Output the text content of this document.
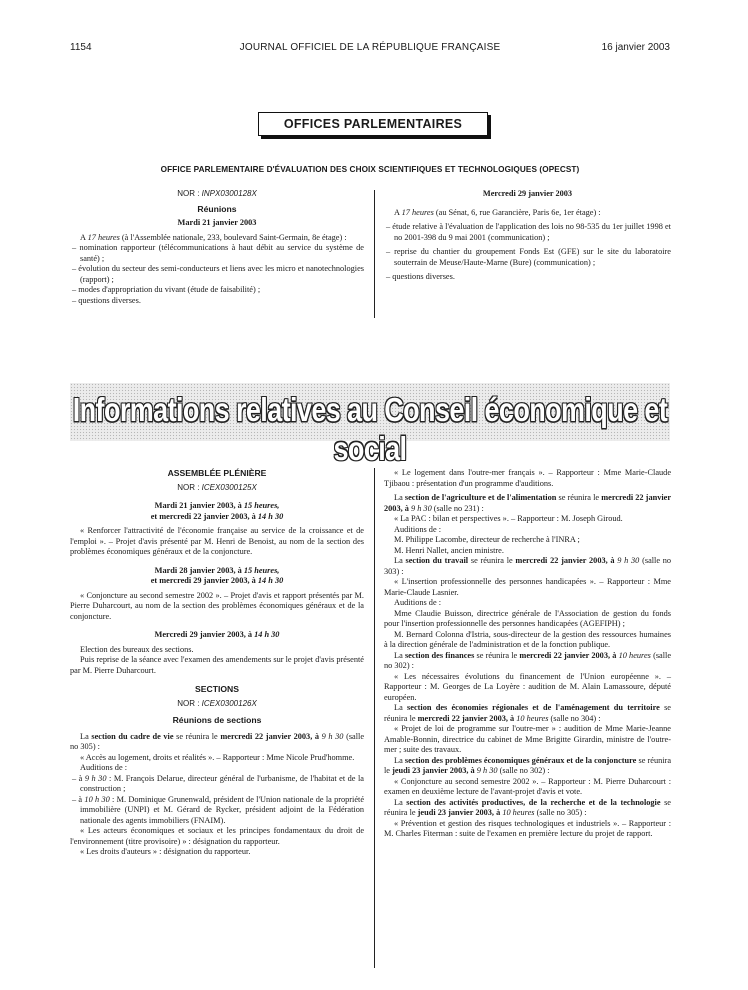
1154	JOURNAL OFFICIEL DE LA RÉPUBLIQUE FRANÇAISE	16 janvier 2003
OFFICES PARLEMENTAIRES
OFFICE PARLEMENTAIRE D'ÉVALUATION DES CHOIX SCIENTIFIQUES ET TECHNOLOGIQUES (OPECST)

NOR : INPX0300128X

Réunions

Mardi 21 janvier 2003

A 17 heures (à l'Assemblée nationale, 233, boulevard Saint-Germain, 8e étage) :

– nomination rapporteur (télécommunications à haut débit au service du système de santé) ;

– évolution du secteur des semi-conducteurs et liens avec les micro et nanotechnologies (rapport) ;

– modes d'appropriation du vivant (étude de faisabilité) ;

– questions diverses.

Mercredi 29 janvier 2003

A 17 heures (au Sénat, 6, rue Garancière, Paris 6e, 1er étage) :

– étude relative à l'évaluation de l'application des lois no 98-535 du 1er juillet 1998 et no 2001-398 du 9 mai 2001 (communication) ;

– reprise du chantier du groupement Fonds Est (GFE) sur le site du laboratoire souterrain de Meuse/Haute-Marne (Bure) (communication) ;

– questions diverses.

Informations relatives au Conseil économique et social

ASSEMBLÉE PLÉNIÈRE

NOR : ICEX0300125X

Mardi 21 janvier 2003, à 15 heures,

et mercredi 22 janvier 2003, à 14 h 30

« Renforcer l'attractivité de l'économie française au service de la croissance et de l'emploi ». – Projet d'avis présenté par M. Henri de Benoist, au nom de la section des problèmes économiques généraux et de la conjoncture.

Mardi 28 janvier 2003, à 15 heures,

et mercredi 29 janvier 2003, à 14 h 30

« Conjoncture au second semestre 2002 ». – Projet d'avis et rapport présentés par M. Pierre Duharcourt, au nom de la section des problèmes économiques généraux et de la conjoncture.

Mercredi 29 janvier 2003, à 14 h 30

Election des bureaux des sections.

Puis reprise de la séance avec l'examen des amendements sur le projet d'avis présenté par M. Pierre Duharcourt.

SECTIONS

NOR : ICEX0300126X

Réunions de sections

La section du cadre de vie se réunira le mercredi 22 janvier 2003, à 9 h 30 (salle no 305) :

« Accès au logement, droits et réalités ». – Rapporteur : Mme Nicole Prud'homme.

Auditions de :

– à 9 h 30 : M. François Delarue, directeur général de l'urbanisme, de l'habitat et de la construction ;

– à 10 h 30 : M. Dominique Grunenwald, président de l'Union nationale de la propriété immobilière (UNPI) et M. Gérard de Rycker, président adjoint de la Fédération nationale des agents immobiliers (FNAIM).

« Les acteurs économiques et sociaux et les principes fondamentaux du droit de l'environnement (titre provisoire) » : désignation du rapporteur.

« Les droits d'auteurs » : désignation du rapporteur.

« Le logement dans l'outre-mer français ». – Rapporteur : Mme Marie-Claude Tjibaou : présentation d'un programme d'auditions.

La section de l'agriculture et de l'alimentation se réunira le mercredi 22 janvier 2003, à 9 h 30 (salle no 231) :

« La PAC : bilan et perspectives ». – Rapporteur : M. Joseph Giroud.

Auditions de :

M. Philippe Lacombe, directeur de recherche à l'INRA ;

M. Henri Nallet, ancien ministre.

La section du travail se réunira le mercredi 22 janvier 2003, à 9 h 30 (salle no 303) :

« L'insertion professionnelle des personnes handicapées ». – Rapporteur : Mme Marie-Claude Lasnier.

Auditions de :

Mme Claudie Buisson, directrice générale de l'Association de gestion du fonds pour l'insertion professionnelle des personnes handicapées (AGEFIPH) ;

M. Bernard Colonna d'Istria, sous-directeur de la gestion des ressources humaines à la direction générale de l'administration et de la fonction publique.

La section des finances se réunira le mercredi 22 janvier 2003, à 10 heures (salle no 302) :

« Les nécessaires évolutions du financement de l'Union européenne ». – Rapporteur : M. Georges de La Loyère : audition de M. Alain Lamassoure, député européen.

La section des économies régionales et de l'aménagement du territoire se réunira le mercredi 22 janvier 2003, à 10 heures (salle no 304) :

« Projet de loi de programme sur l'outre-mer » : audition de Mme Marie-Jeanne Amable-Bonnin, directrice du cabinet de Mme Brigitte Girardin, ministre de l'outre-mer ; suite des travaux.

La section des problèmes économiques généraux et de la conjoncture se réunira le jeudi 23 janvier 2003, à 9 h 30 (salle no 302) :

« Conjoncture au second semestre 2002 ». – Rapporteur : M. Pierre Duharcourt : examen en deuxième lecture de l'avant-projet d'avis et vote.

La section des activités productives, de la recherche et de la technologie se réunira le jeudi 23 janvier 2003, à 10 heures (salle no 305) :

« Prévention et gestion des risques technologiques et industriels ». – Rapporteur : M. Charles Fiterman : suite de l'examen en première lecture du projet de rapport.
